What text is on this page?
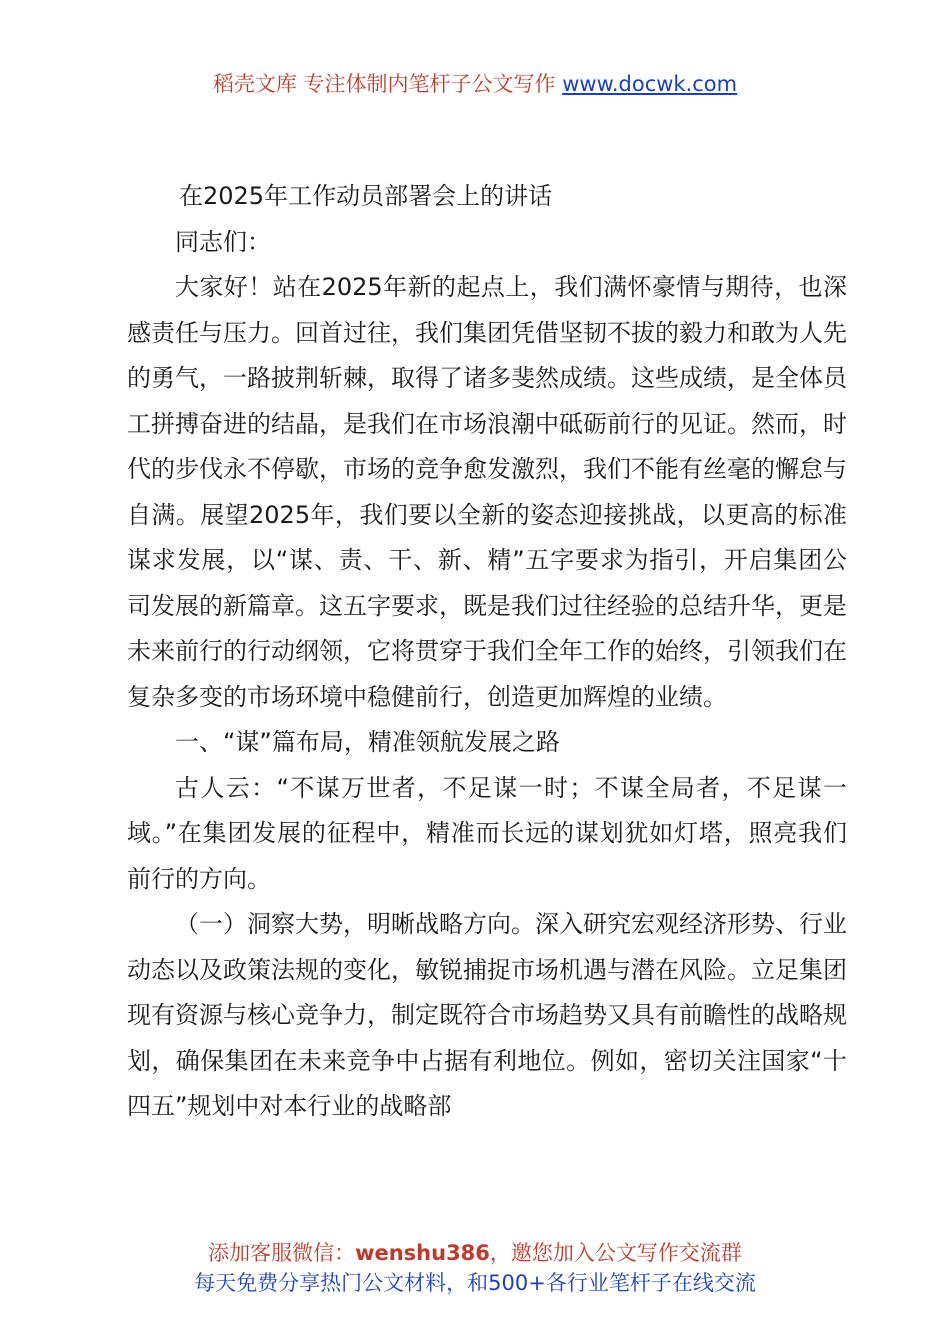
稻壳文库 专注体制内笔杆子公文写作 www.docwk.com

在2025年工作动员部署会上的讲话

同志们：

大家好！站在2025年新的起点上，我们满怀豪情与期待，也深感责任与压力。回首过往，我们集团凭借坚韧不拔的毅力和敢为人先的勇气，一路披荆斩棘，取得了诸多斐然成绩。这些成绩，是全体员工拼搏奋进的结晶，是我们在市场浪潮中砥砺前行的见证。然而，时代的步伐永不停歇，市场的竞争愈发激烈，我们不能有丝毫的懈怠与自满。展望2025年，我们要以全新的姿态迎接挑战，以更高的标准谋求发展，以“谋、责、干、新、精”五字要求为指引，开启集团公司发展的新篇章。这五字要求，既是我们过往经验的总结升华，更是未来前行的行动纲领，它将贯穿于我们全年工作的始终，引领我们在复杂多变的市场环境中稳健前行，创造更加辉煌的业绩。

一、“谋”篇布局，精准领航发展之路

古人云：“不谋万世者，不足谋一时；不谋全局者，不足谋一域。”在集团发展的征程中，精准而长远的谋划犹如灯塔，照亮我们前行的方向。

（一）洞察大势，明晰战略方向。深入研究宏观经济形势、行业动态以及政策法规的变化，敏锐捕捉市场机遇与潜在风险。立足集团现有资源与核心竞争力，制定既符合市场趋势又具有前瞻性的战略规划，确保集团在未来竞争中占据有利地位。例如，密切关注国家“十四五”规划中对本行业的战略部

添加客服微信：wenshu386，邀您加入公文写作交流群
每天免费分享热门公文材料，和500+各行业笔杆子在线交流
